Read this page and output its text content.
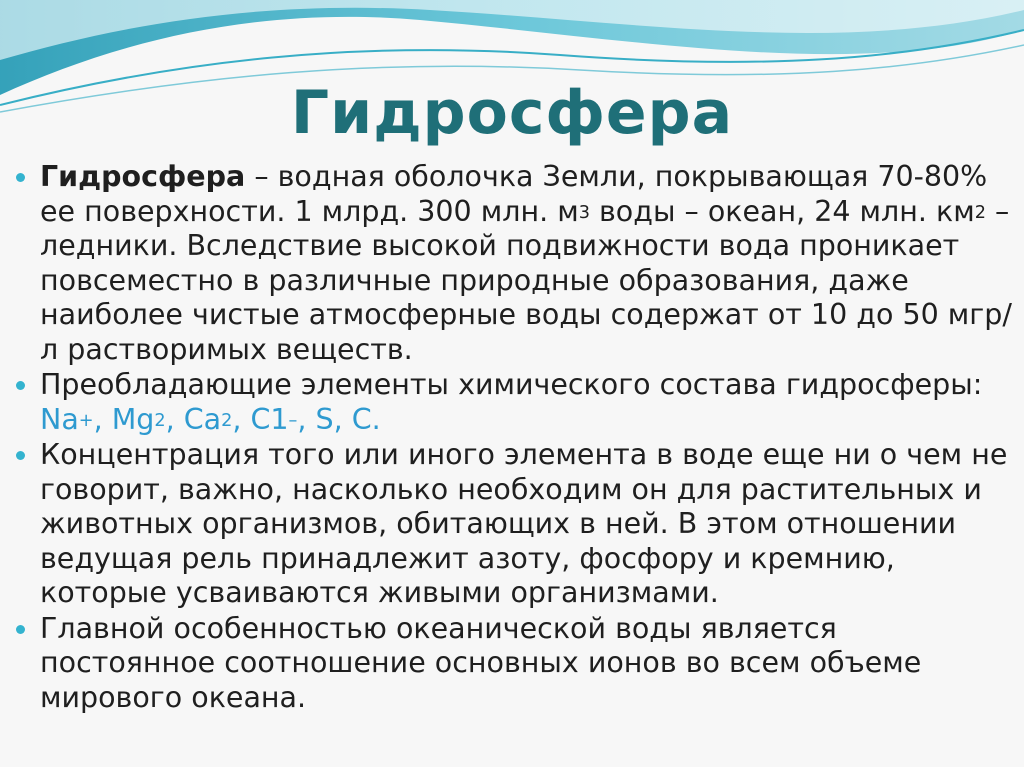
Гидросфера
Гидросфера – водная оболочка Земли, покрывающая 70-80% ее поверхности. 1 млрд. 300 млн. $м^3$ воды – океан, 24 млн. $км^2$ – ледники. Вследствие высокой подвижности вода проникает повсеместно в различные природные образования, даже наиболее чистые атмосферные воды содержат от 10 до 50 мгр/л растворимых веществ.
Преобладающие элементы химического состава гидросферы: Na+, Mg$^2$, Ca$^2$, C1–, S, C.
Концентрация того или иного элемента в воде еще ни о чем не говорит, важно, насколько необходим он для растительных и животных организмов, обитающих в ней. В этом отношении ведущая рель принадлежит азоту, фосфору и кремнию, которые усваиваются живыми организмами.
Главной особенностью океанической воды является постоянное соотношение основных ионов во всем объеме мирового океана.
